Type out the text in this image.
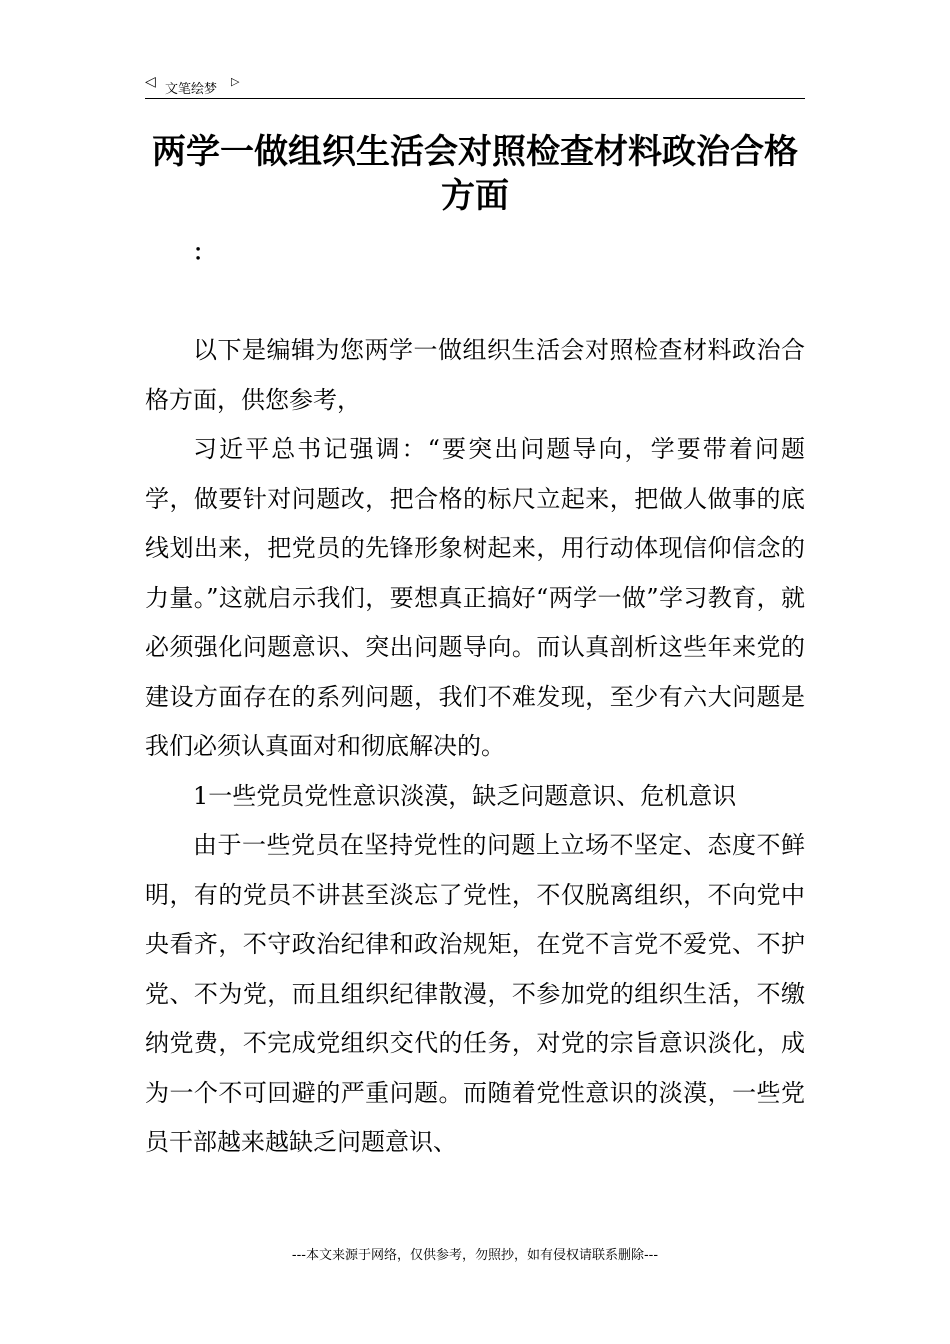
◁ 文笔绘梦
▷
两学一做组织生活会对照检查材料政治合格方面
：

以下是编辑为您两学一做组织生活会对照检查材料政治合格方面，供您参考，

习近平总书记强调：“要突出问题导向，学要带着问题学，做要针对问题改，把合格的标尺立起来，把做人做事的底线划出来，把党员的先锋形象树起来，用行动体现信仰信念的力量。”这就启示我们，要想真正搞好“两学一做”学习教育，就必须强化问题意识、突出问题导向。而认真剖析这些年来党的建设方面存在的系列问题，我们不难发现，至少有六大问题是我们必须认真面对和彻底解决的。

1一些党员党性意识淡漠，缺乏问题意识、危机意识

由于一些党员在坚持党性的问题上立场不坚定、态度不鲜明，有的党员不讲甚至淡忘了党性，不仅脱离组织，不向党中央看齐，不守政治纪律和政治规矩，在党不言党不爱党、不护党、不为党，而且组织纪律散漫，不参加党的组织生活，不缴纳党费，不完成党组织交代的任务，对党的宗旨意识淡化，成为一个不可回避的严重问题。而随着党性意识的淡漠，一些党员干部越来越缺乏问题意识、

---本文来源于网络，仅供参考，勿照抄，如有侵权请联系删除---
